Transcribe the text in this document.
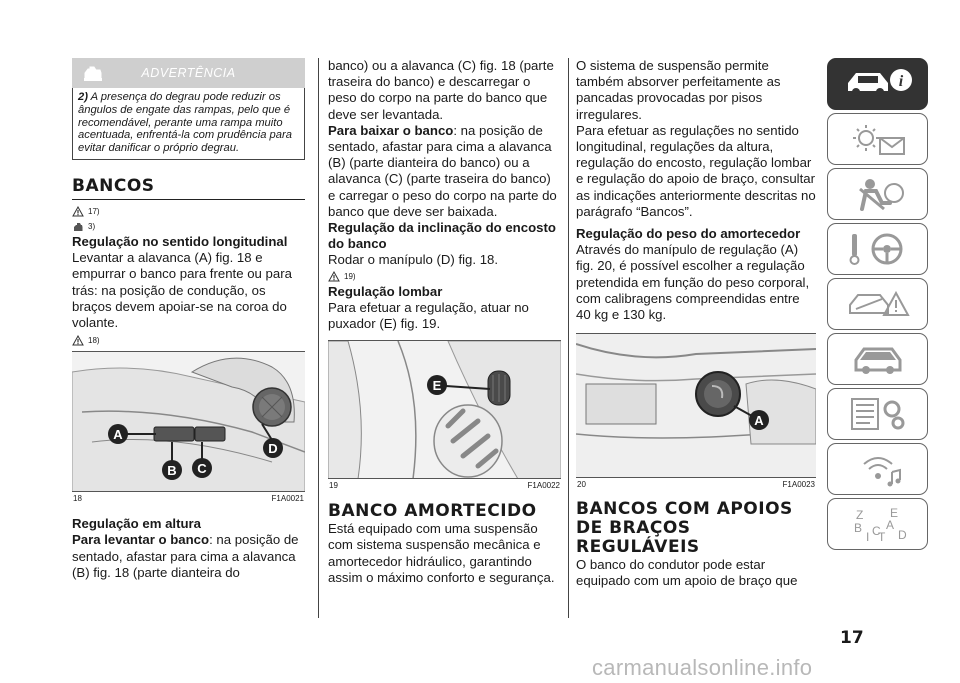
ADVERTÊNCIA
2) A presença do degrau pode reduzir os ângulos de engate das rampas, pelo que é recomendável, perante uma rampa muito acentuada, enfrentá-la com prudência para evitar danificar o próprio degrau.
BANCOS
17)
3)
Regulação no sentido longitudinal
Levantar a alavanca (A) fig. 18 e empurrar o banco para frente ou para trás: na posição de condução, os braços devem apoiar-se na coroa do volante.
18)
A
B C
D
18	F1A0021
Regulação em altura
Para levantar o banco: na posição de sentado, afastar para cima a alavanca (B) fig. 18 (parte dianteira do
banco) ou a alavanca (C) fig. 18 (parte traseira do banco) e descarregar o peso do corpo na parte do banco que deve ser levantada.
Para baixar o banco: na posição de sentado, afastar para cima a alavanca (B) (parte dianteira do banco) ou a alavanca (C) (parte traseira do banco) e carregar o peso do corpo na parte do banco que deve ser baixada.
Regulação da inclinação do encosto do banco
Rodar o manípulo (D) fig. 18.
19)
Regulação lombar
Para efetuar a regulação, atuar no puxador (E) fig. 19.
E
19	F1A0022
BANCO AMORTECIDO
Está equipado com uma suspensão com sistema suspensão mecânica e amortecedor hidráulico, garantindo assim o máximo conforto e segurança.
O sistema de suspensão permite também absorver perfeitamente as pancadas provocadas por pisos irregulares.
Para efetuar as regulações no sentido longitudinal, regulações da altura, regulação do encosto, regulação lombar e regulação do apoio de braço, consultar as indicações anteriormente descritas no parágrafo “Bancos”.
Regulação do peso do amortecedor
Através do manípulo de regulação (A) fig. 20, é possível escolher a regulação pretendida em função do peso corporal, com calibragens compreendidas entre 40 kg e 130 kg.
A
20	F1A0023
BANCOS COM APOIOS DE BRAÇOS REGULÁVEIS
O banco do condutor pode estar equipado com um apoio de braço que
i
Z E
B A
I C
T D
17
carmanualsonline.info
